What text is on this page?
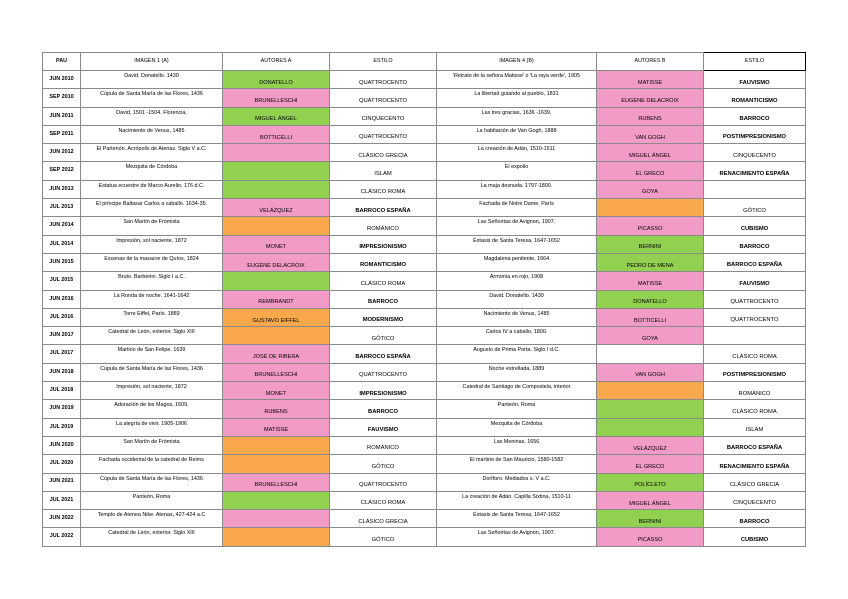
PAU	IMAGEN 1 (A)	AUTORES A	ESTILO	IMAGEN 4 (B)	AUTORES B	ESTILO
JUN 2010	David. Donatello. 1430	DONATELLO	QUATTROCENTO	'Retrato de la señora Matisse' o 'La raya verde', 1905	MATISSE	FAUVISMO
SEP 2010	Cúpula de Santa María de las Flores, 1436	BRUNELLESCHI	QUATTROCENTO	La libertad guiando al pueblo, 1831	EUGENE DELACROIX	ROMANTICISMO
JUN 2011	David, 1501 -1504. Florencia.	MIGUEL ÁNGEL	CINQUECENTO	Las tres gracias, 1636 -1639.	RUBENS	BARROCO
SEP 2011	Nacimiento de Venus, 1485	BOTTICELLI	QUATTROCENTO	La habitación de Van Gogh, 1888	VAN GOGH	POSTIMPRESIONISMO
JUN 2012	El Partenón. Acrópolis de Atenas. Siglo V a.C.		CLÁSICO GRECIA	La creación de Adán, 1510-1511	MIGUEL ÁNGEL	CINQUECENTO
SEP 2012	Mezquita de Córdoba		ISLAM	El expolio	EL GRECO	RENACIMIENTO ESPAÑA
JUN 2013	Estatua ecuestre de Marco Aurelio. 176 d.C.		CLÁSICO ROMA	La maja desnuda. 1797-1800.	GOYA	
JUL 2013	El príncipe Baltasar Carlos a caballo. 1634-35.	VELÁZQUEZ	BARROCO ESPAÑA	Fachada de Notre Dame. París		GÓTICO
JUN 2014	San Martín de Frómista		ROMÁNICO	Las Señoritas de Avignon, 1907.	PICASSO	CUBISMO
JUL 2014	Impresión, sol naciente, 1872	MONET	IMPRESIONISMO	Éxtasis de Santa Teresa, 1647-1652	BERNINI	BARROCO
JUN 2015	Escenas de la masacre de Quíos, 1824	EUGÈNE DELACROIX	ROMANTICISMO	Magdalena penitente, 1664	PEDRO DE MENA	BARROCO ESPAÑA
JUL 2015	Bruto. Barberini. Siglo I a.C.		CLÁSICO ROMA	Armonía en rojo, 1908	MATISSE	FAUVISMO
JUN 2016	La Ronda de noche. 1641-1642	REMBRANDT	BARROCO	David. Donatello. 1430	DONATELLO	QUATTROCENTO
JUL 2016	Torre Eiffel, París. 1889	GUSTAVO EIFFEL	MODERNISMO	Nacimiento de Venus, 1485	BOTTICELLI	QUATTROCENTO
JUN 2017	Catedral de León, exterior. Siglo XIII		GÓTICO	Carlos IV a caballo, 1800.	GOYA	
JUL 2017	Martirio de San Felipe. 1639	JOSÉ DE RIBERA	BARROCO ESPAÑA	Augusto de Prima Porta. Siglo I d.C.		CLÁSICO ROMA
JUN 2018	Cúpula de Santa María de las Flores, 1436	BRUNELLESCHI	QUATTROCENTO	Noche estrellada, 1889	VAN GOGH	POSTIMPRESIONISMO
JUL 2018	Impresión, sol naciente, 1872	MONET	IMPRESIONISMO	Catedral de Santiago de Compostela, interior		ROMÁNICO
JUN 2019	Adoración de los Magos, 1609.	RUBENS	BARROCO	Panteón. Roma		CLÁSICO ROMA
JUL 2019	La alegría de vivir. 1905-1906	MATISSE	FAUVISMO	Mezquita de Córdoba		ISLAM
JUN 2020	San Martín de Frómista		ROMÁNICO	Las Meninas, 1656	VELÁZQUEZ	BARROCO ESPAÑA
JUL 2020	Fachada occidental de la catedral de Reims		GÓTICO	El martirio de San Mauricio, 1580-1582	EL GRECO	RENACIMIENTO ESPAÑA
JUN 2021	Cúpula de Santa María de las Flores, 1436	BRUNELLESCHI	QUATTROCENTO	Doríforo. Mediados s. V a.C.	POLÍCLETO	CLÁSICO GRECIA
JUL 2021	Panteón. Roma		CLÁSICO ROMA	La creación de Adán. Capilla Sixtina, 1510-11	MIGUEL ÁNGEL	CINQUECENTO
JUN 2022	Templo de Atenea Nike. Atenas, 427-424 a.C		CLÁSICO GRECIA	Éxtasis de Santa Teresa, 1647-1652	BERNINI	BARROCO
JUL 2022	Catedral de León, exterior. Siglo XIII		GÓTICO	Las Señoritas de Avignon, 1907.	PICASSO	CUBISMO
